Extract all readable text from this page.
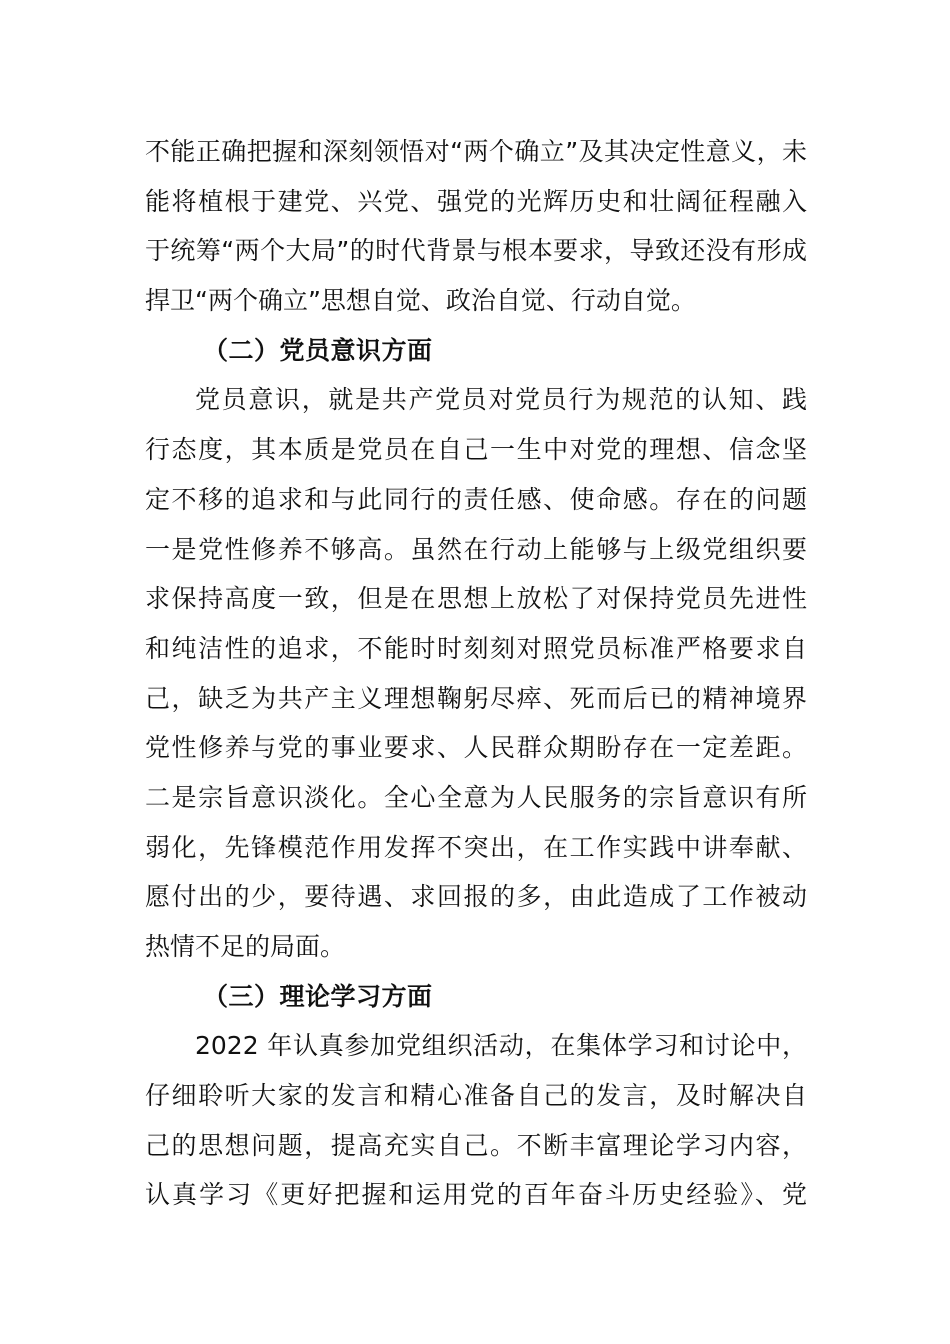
不能正确把握和深刻领悟对“两个确立”及其决定性意义，未
能将植根于建党、兴党、强党的光辉历史和壮阔征程融入
于统筹“两个大局”的时代背景与根本要求，导致还没有形成
捍卫“两个确立”思想自觉、政治自觉、行动自觉。
（二）党员意识方面
党员意识，就是共产党员对党员行为规范的认知、践
行态度，其本质是党员在自己一生中对党的理想、信念坚
定不移的追求和与此同行的责任感、使命感。存在的问题
一是党性修养不够高。虽然在行动上能够与上级党组织要
求保持高度一致，但是在思想上放松了对保持党员先进性
和纯洁性的追求，不能时时刻刻对照党员标准严格要求自
己，缺乏为共产主义理想鞠躬尽瘁、死而后已的精神境界
党性修养与党的事业要求、人民群众期盼存在一定差距。
二是宗旨意识淡化。全心全意为人民服务的宗旨意识有所
弱化，先锋模范作用发挥不突出，在工作实践中讲奉献、
愿付出的少，要待遇、求回报的多，由此造成了工作被动
热情不足的局面。
（三）理论学习方面
2022 年认真参加党组织活动，在集体学习和讨论中，
仔细聆听大家的发言和精心准备自己的发言，及时解决自
己的思想问题，提高充实自己。不断丰富理论学习内容，
认真学习《更好把握和运用党的百年奋斗历史经验》、党
